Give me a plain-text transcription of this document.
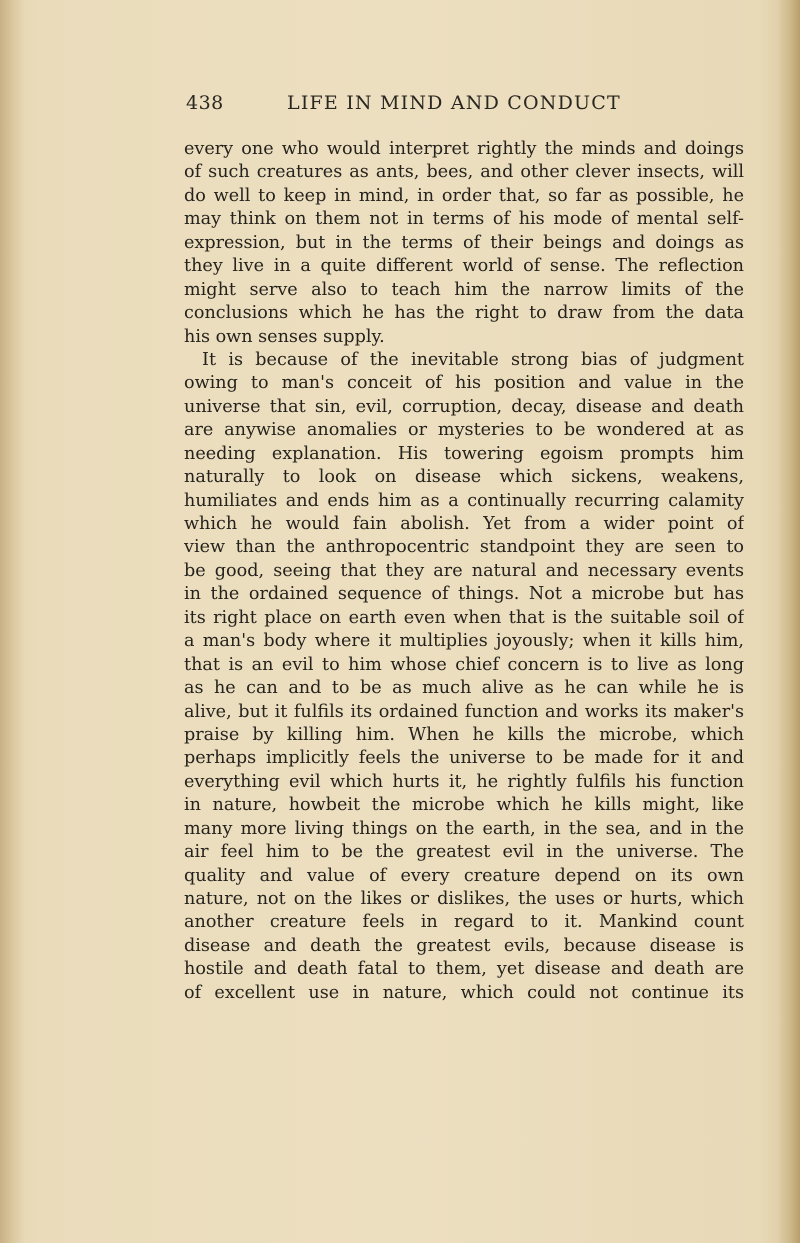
438	LIFE IN MIND AND CONDUCT
every one who would interpret rightly the minds and doings
of such creatures as ants, bees, and other clever insects, will
do well to keep in mind, in order that, so far as possible, he
may think on them not in terms of his mode of mental self-
expression, but in the terms of their beings and doings as
they live in a quite different world of sense. The reflection
might serve also to teach him the narrow limits of the
conclusions which he has the right to draw from the data
his own senses supply.
It is because of the inevitable strong bias of judgment
owing to man's conceit of his position and value in the
universe that sin, evil, corruption, decay, disease and death
are anywise anomalies or mysteries to be wondered at as
needing explanation. His towering egoism prompts him
naturally to look on disease which sickens, weakens,
humiliates and ends him as a continually recurring calamity
which he would fain abolish. Yet from a wider point of
view than the anthropocentric standpoint they are seen to
be good, seeing that they are natural and necessary events
in the ordained sequence of things. Not a microbe but has
its right place on earth even when that is the suitable soil of
a man's body where it multiplies joyously; when it kills him,
that is an evil to him whose chief concern is to live as long
as he can and to be as much alive as he can while he is
alive, but it fulfils its ordained function and works its maker's
praise by killing him. When he kills the microbe, which
perhaps implicitly feels the universe to be made for it and
everything evil which hurts it, he rightly fulfils his function
in nature, howbeit the microbe which he kills might, like
many more living things on the earth, in the sea, and in the
air feel him to be the greatest evil in the universe. The
quality and value of every creature depend on its own
nature, not on the likes or dislikes, the uses or hurts, which
another creature feels in regard to it. Mankind count
disease and death the greatest evils, because disease is
hostile and death fatal to them, yet disease and death are
of excellent use in nature, which could not continue its
